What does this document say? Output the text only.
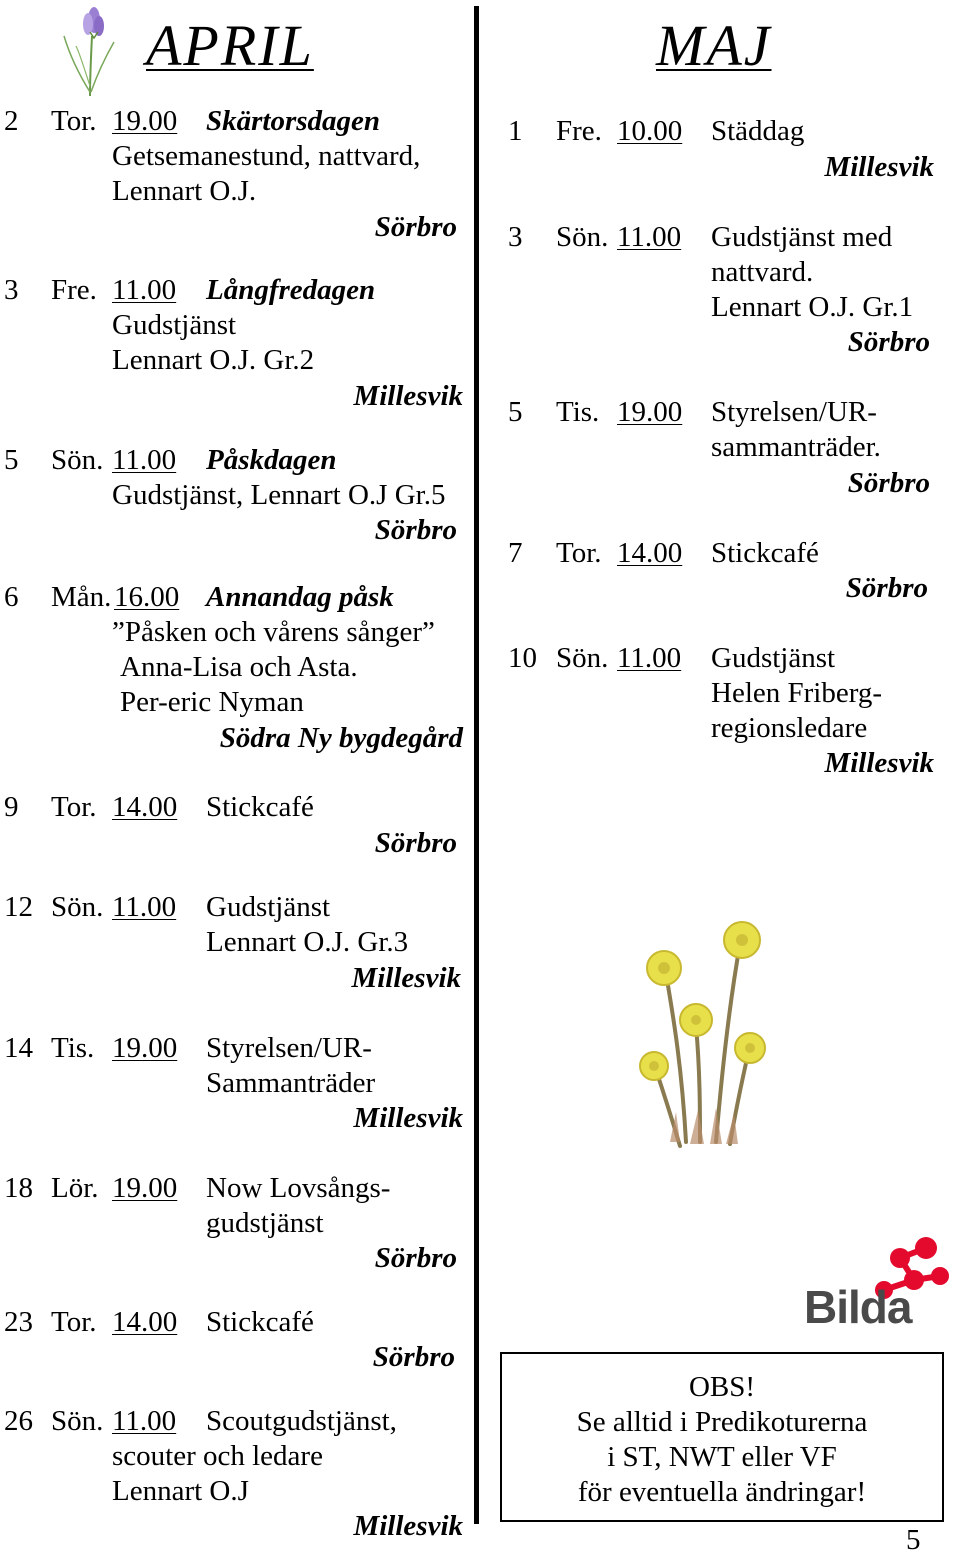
APRIL	MAJ
2 Tor. 19.00 Skärtorsdagen
Getsemanestund, nattvard,
Lennart O.J.
Sörbro
3 Fre. 11.00 Långfredagen
Gudstjänst
Lennart O.J. Gr.2
Millesvik
5 Sön. 11.00 Påskdagen
Gudstjänst, Lennart O.J Gr.5
Sörbro
6 Mån. 16.00 Annandag påsk
”Påsken och vårens sånger”
Anna-Lisa och Asta.
Per-eric Nyman
Södra Ny bygdegård
9 Tor. 14.00 Stickcafé
Sörbro
12 Sön. 11.00 Gudstjänst
Lennart O.J. Gr.3
Millesvik
14 Tis. 19.00 Styrelsen/UR-
Sammanträder
Millesvik
18 Lör. 19.00 Now Lovsångs-
gudstjänst
Sörbro
23 Tor. 14.00 Stickcafé
Sörbro
26 Sön. 11.00 Scoutgudstjänst,
scouter och ledare
Lennart O.J
Millesvik
1 Fre. 10.00 Städdag
Millesvik
3 Sön. 11.00 Gudstjänst med
nattvard.
Lennart O.J. Gr.1
Sörbro
5 Tis. 19.00 Styrelsen/UR-
sammanträder.
Sörbro
7 Tor. 14.00 Stickcafé
Sörbro
10 Sön. 11.00 Gudstjänst
Helen Friberg-
regionsledare
Millesvik
Bilda
OBS!
Se alltid i Predikoturerna
i ST, NWT eller VF
för eventuella ändringar!
5
